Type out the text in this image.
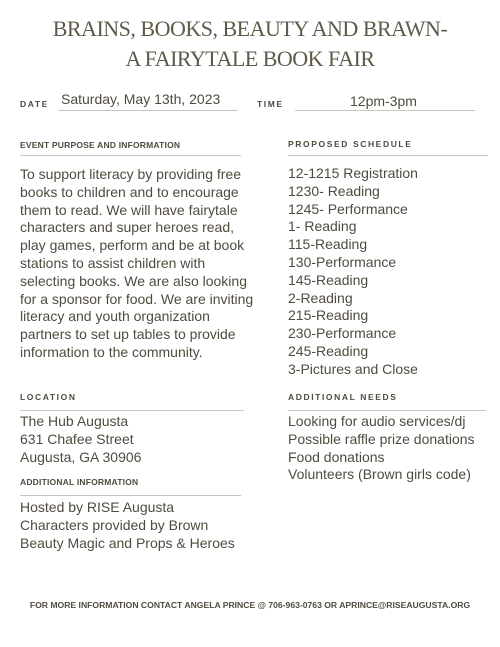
BRAINS, BOOKS, BEAUTY AND BRAWN-
A FAIRYTALE BOOK FAIR
DATE Saturday, May 13th, 2023	TIME	12pm-3pm
EVENT PURPOSE AND INFORMATION
To support literacy by providing free books to children and to encourage them to read. We will have fairytale characters and super heroes read, play games, perform and be at book stations to assist children with selecting books. We are also looking for a sponsor for food. We are inviting literacy and youth organization partners to set up tables to provide information to the community.
LOCATION
The Hub Augusta
631 Chafee Street
Augusta, GA 30906
ADDITIONAL INFORMATION
Hosted by RISE Augusta
Characters provided by Brown
Beauty Magic and Props & Heroes
PROPOSED SCHEDULE
12-1215 Registration
1230- Reading
1245- Performance
1- Reading
115-Reading
130-Performance
145-Reading
2-Reading
215-Reading
230-Performance
245-Reading
3-Pictures and Close
ADDITIONAL NEEDS
Looking for audio services/dj
Possible raffle prize donations
Food donations
Volunteers (Brown girls code)
FOR MORE INFORMATION CONTACT ANGELA PRINCE @ 706-963-0763 OR APRINCE@RISEAUGUSTA.ORG
